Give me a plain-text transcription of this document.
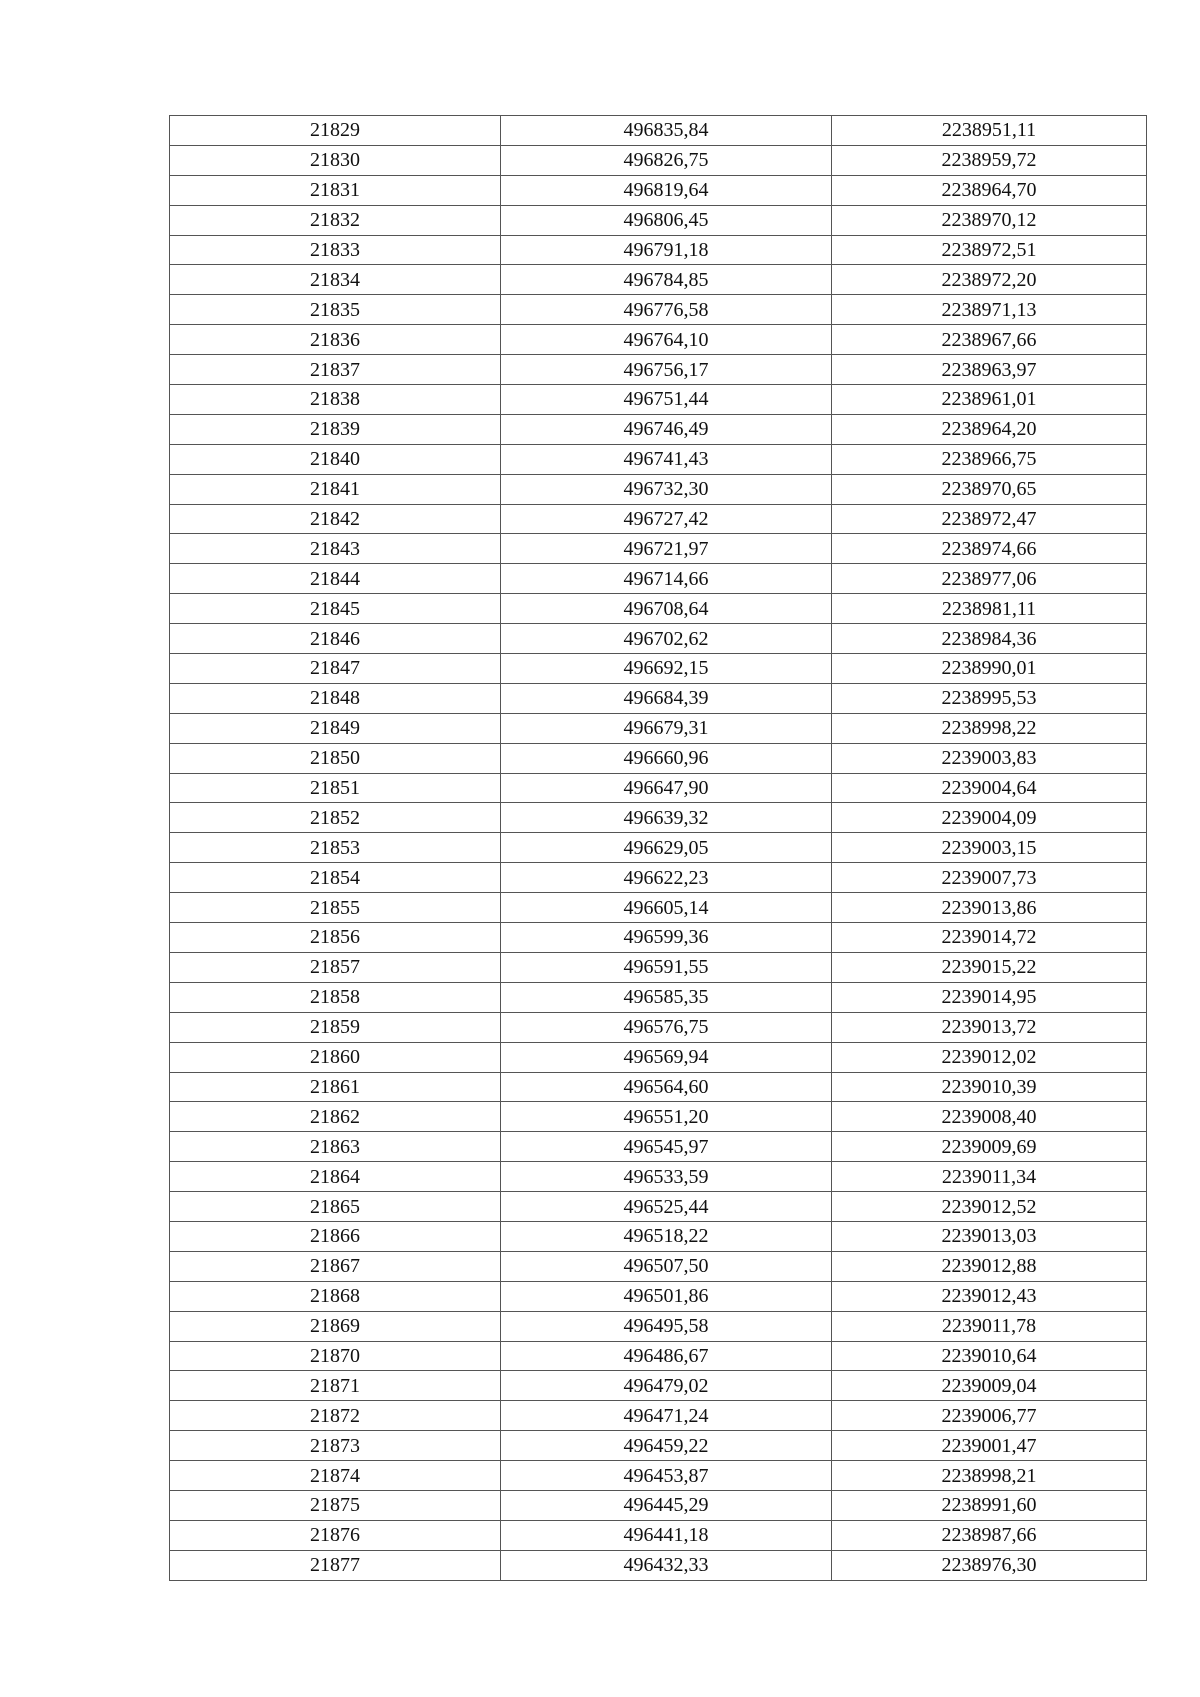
21829	496835,84	2238951,11
21830	496826,75	2238959,72
21831	496819,64	2238964,70
21832	496806,45	2238970,12
21833	496791,18	2238972,51
21834	496784,85	2238972,20
21835	496776,58	2238971,13
21836	496764,10	2238967,66
21837	496756,17	2238963,97
21838	496751,44	2238961,01
21839	496746,49	2238964,20
21840	496741,43	2238966,75
21841	496732,30	2238970,65
21842	496727,42	2238972,47
21843	496721,97	2238974,66
21844	496714,66	2238977,06
21845	496708,64	2238981,11
21846	496702,62	2238984,36
21847	496692,15	2238990,01
21848	496684,39	2238995,53
21849	496679,31	2238998,22
21850	496660,96	2239003,83
21851	496647,90	2239004,64
21852	496639,32	2239004,09
21853	496629,05	2239003,15
21854	496622,23	2239007,73
21855	496605,14	2239013,86
21856	496599,36	2239014,72
21857	496591,55	2239015,22
21858	496585,35	2239014,95
21859	496576,75	2239013,72
21860	496569,94	2239012,02
21861	496564,60	2239010,39
21862	496551,20	2239008,40
21863	496545,97	2239009,69
21864	496533,59	2239011,34
21865	496525,44	2239012,52
21866	496518,22	2239013,03
21867	496507,50	2239012,88
21868	496501,86	2239012,43
21869	496495,58	2239011,78
21870	496486,67	2239010,64
21871	496479,02	2239009,04
21872	496471,24	2239006,77
21873	496459,22	2239001,47
21874	496453,87	2238998,21
21875	496445,29	2238991,60
21876	496441,18	2238987,66
21877	496432,33	2238976,30
